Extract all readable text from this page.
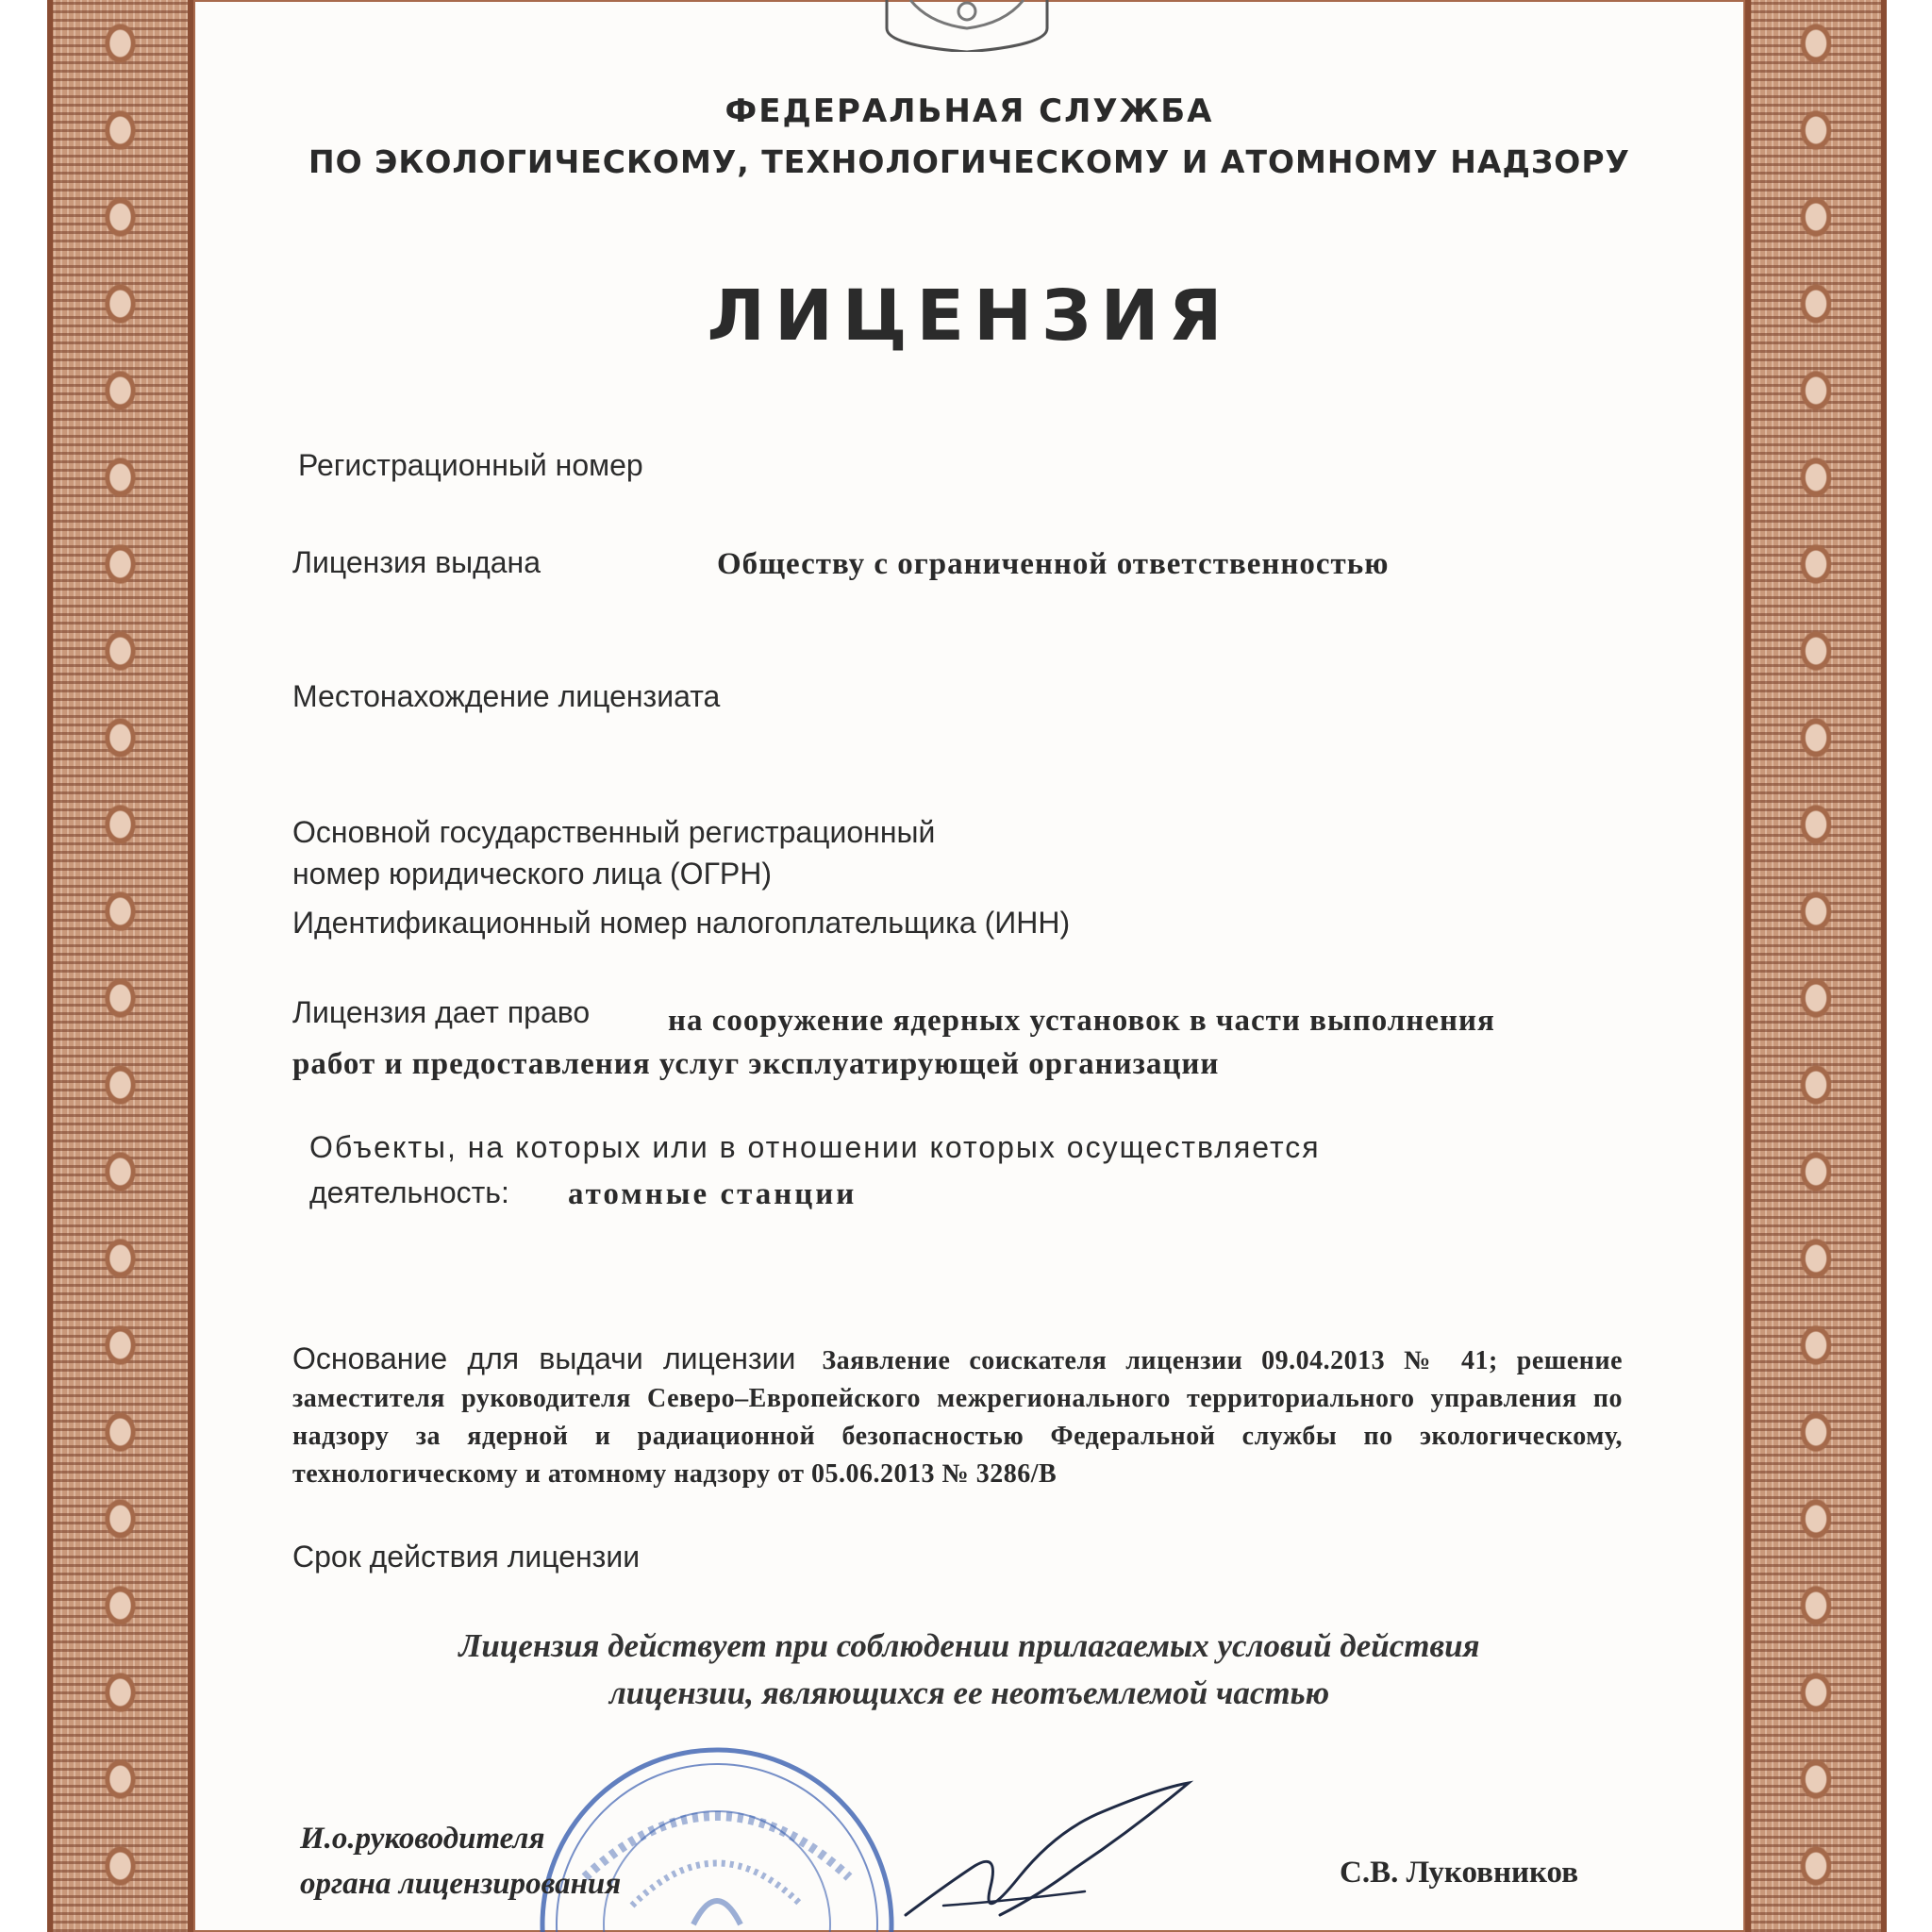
ФЕДЕРАЛЬНАЯ СЛУЖБА
ПО ЭКОЛОГИЧЕСКОМУ, ТЕХНОЛОГИЧЕСКОМУ И АТОМНОМУ НАДЗОРУ
ЛИЦЕНЗИЯ
Регистрационный номер
Лицензия выдана	Обществу с ограниченной ответственностью
Местонахождение лицензиата
Основной государственный регистрационный
номер юридического лица (ОГРН)
Идентификационный номер налогоплательщика (ИНН)
Лицензия дает право	на сооружение ядерных установок в части выполнения
работ и предоставления услуг эксплуатирующей организации
Объекты, на которых или в отношении которых осуществляется
деятельность: атомные станции
Основание для выдачи лицензии Заявление соискателя лицензии 09.04.2013 № 41; решение заместителя руководителя Северо–Европейского межрегионального территориального управления по надзору за ядерной и радиационной безопасностью Федеральной службы по экологическому, технологическому и атомному надзору от 05.06.2013 № 3286/В
Срок действия лицензии
Лицензия действует при соблюдении прилагаемых условий действия
лицензии, являющихся ее неотъемлемой частью
И.о.руководителя
органа лицензирования	С.В. Луковников
